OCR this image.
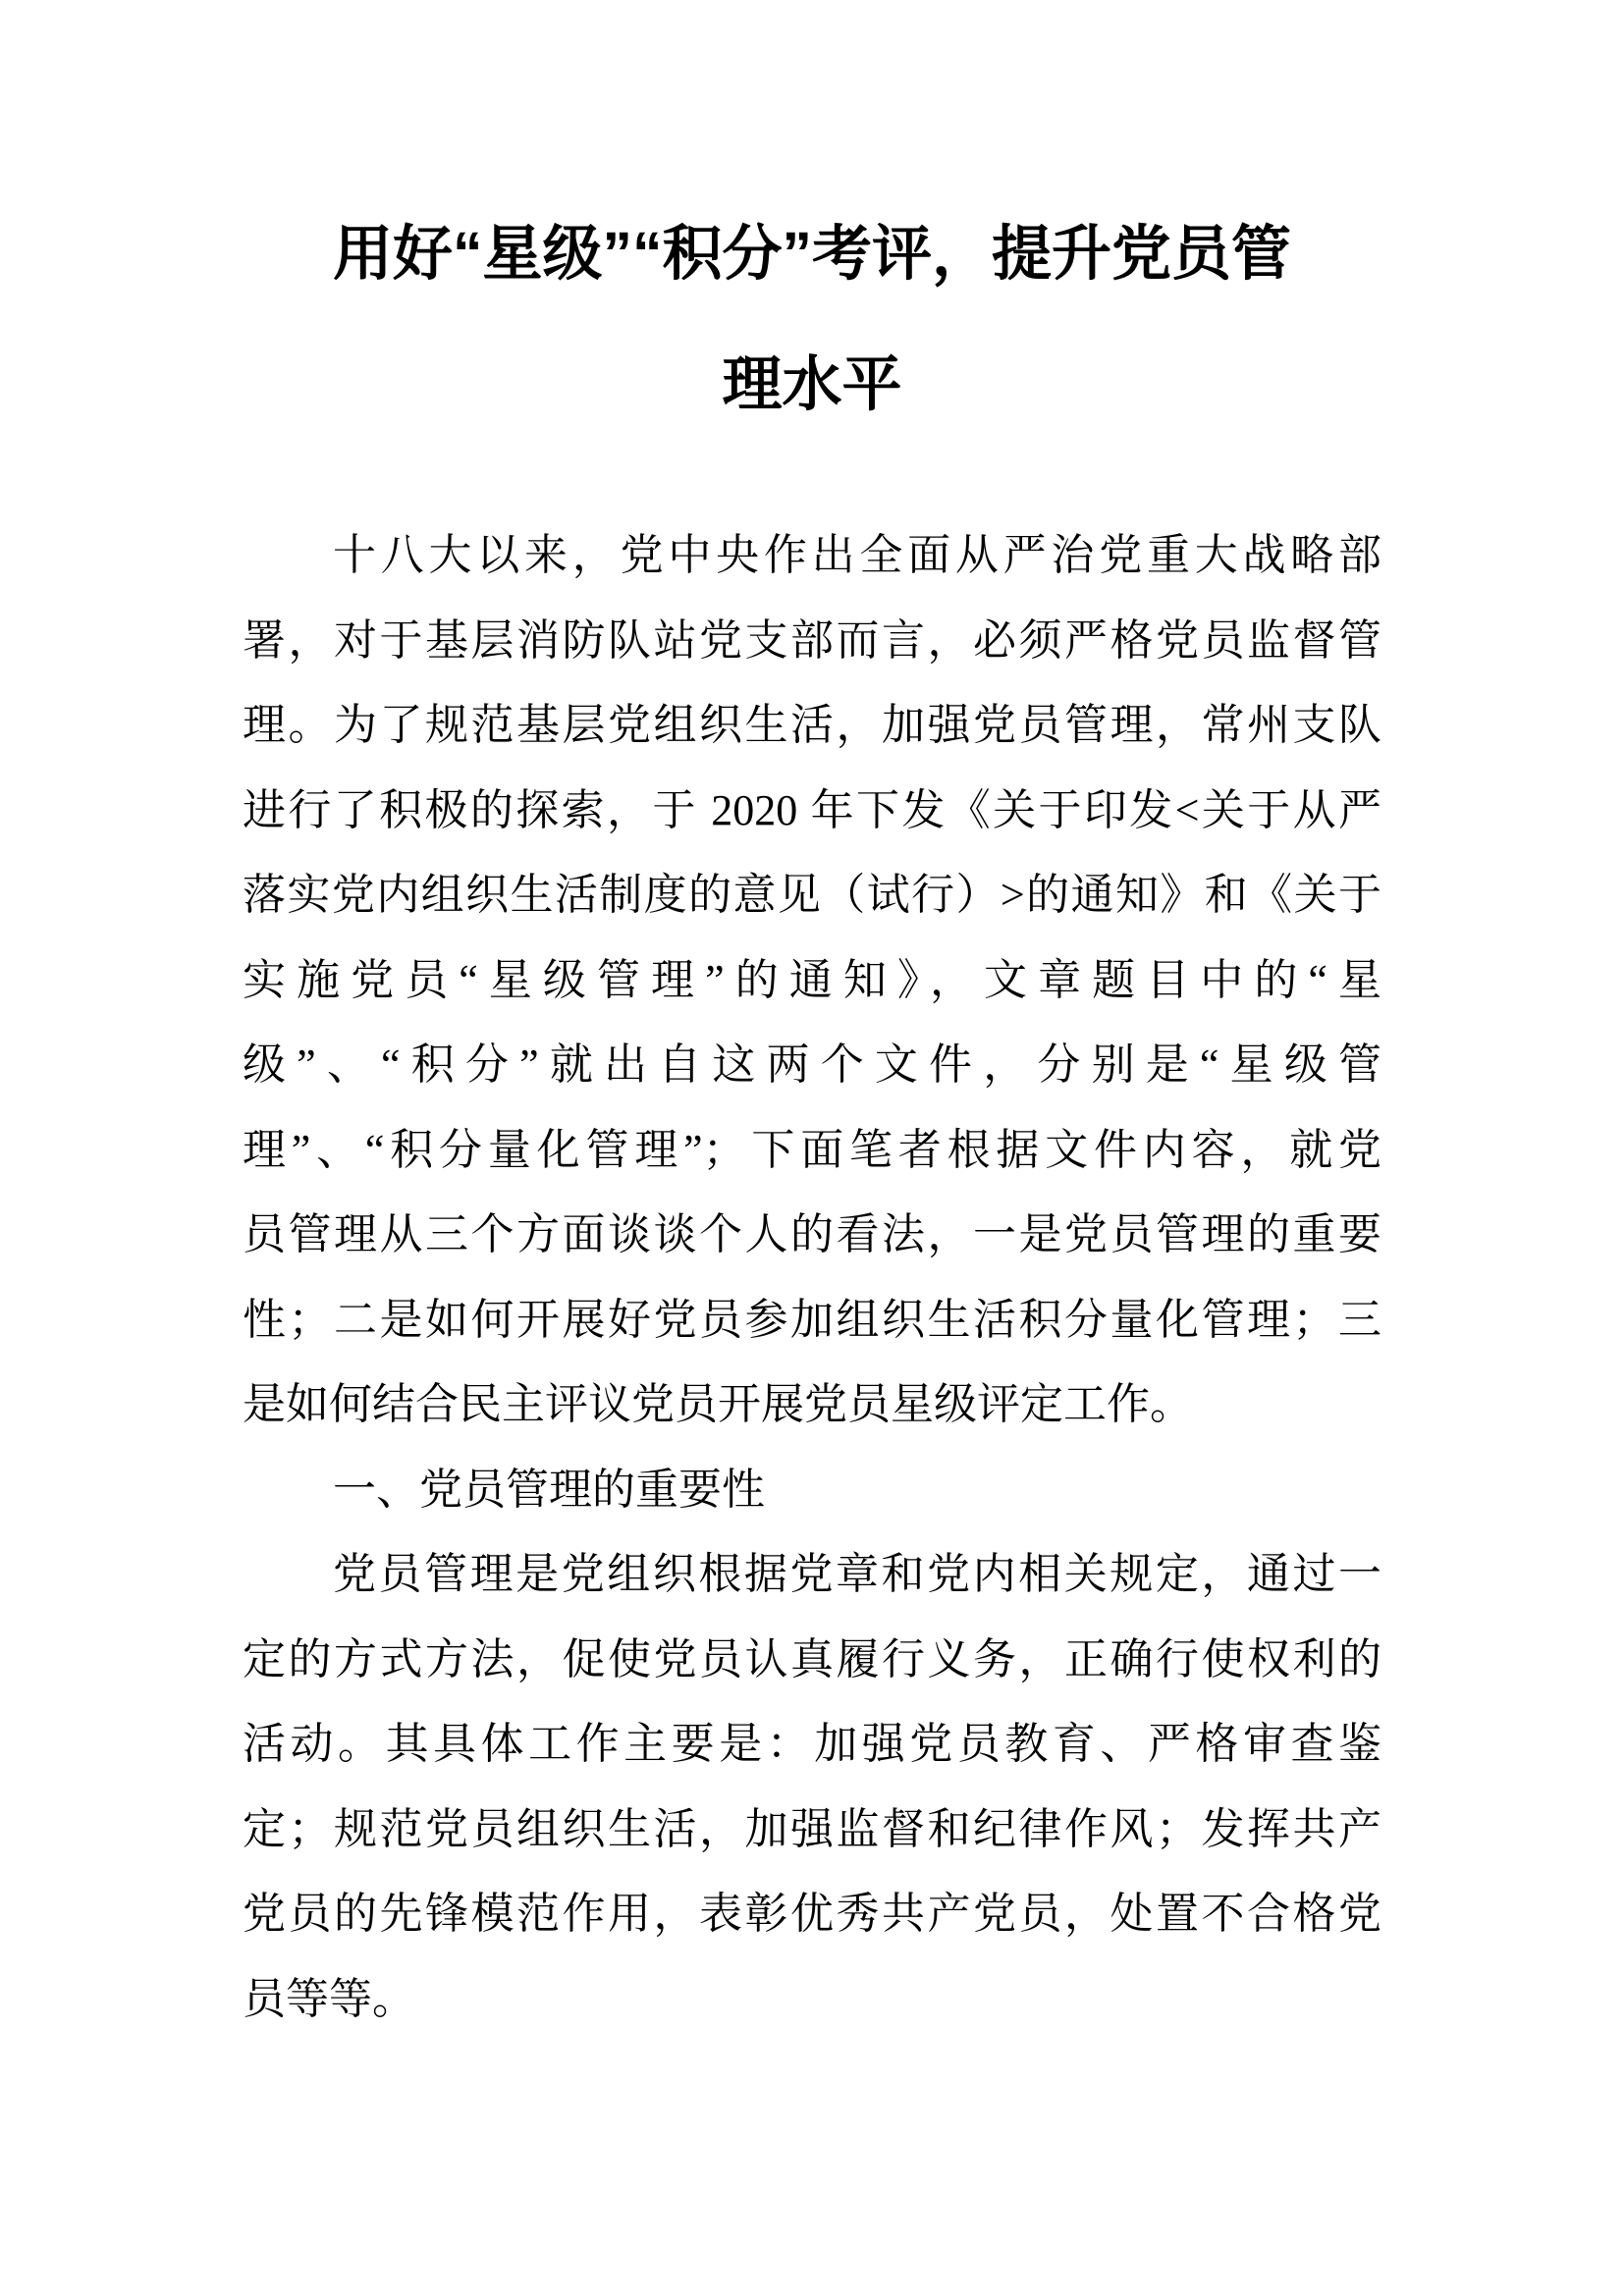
用好“星级”“积分”考评，提升党员管
理水平
十八大以来，党中央作出全面从严治党重大战略部
署，对于基层消防队站党支部而言，必须严格党员监督管
理。为了规范基层党组织生活，加强党员管理，常州支队
进行了积极的探索，于 2020 年下发《关于印发<关于从严
落实党内组织生活制度的意见（试行）>的通知》和《关于
实施党员“星级管理”的通知》，文章题目中的“星
级”、“积分”就出自这两个文件，分别是“星级管
理”、“积分量化管理”；下面笔者根据文件内容，就党
员管理从三个方面谈谈个人的看法，一是党员管理的重要
性；二是如何开展好党员参加组织生活积分量化管理；三
是如何结合民主评议党员开展党员星级评定工作。
一、党员管理的重要性
党员管理是党组织根据党章和党内相关规定，通过一
定的方式方法，促使党员认真履行义务，正确行使权利的
活动。其具体工作主要是：加强党员教育、严格审查鉴
定；规范党员组织生活，加强监督和纪律作风；发挥共产
党员的先锋模范作用，表彰优秀共产党员，处置不合格党
员等等。
